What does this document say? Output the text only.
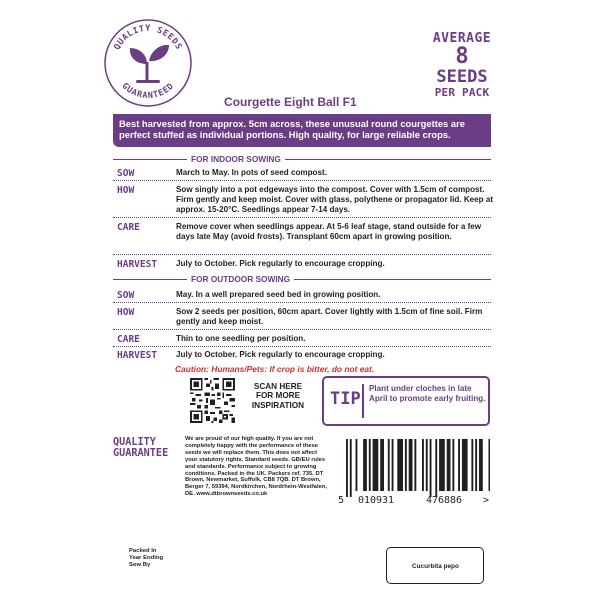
QUALITY SEEDS
GUARANTEED
AVERAGE
8
SEEDS
PER PACK
Courgette Eight Ball F1
Best harvested from approx. 5cm across, these unusual round courgettes are perfect stuffed as individual portions. High quality, for large reliable crops.
FOR INDOOR SOWING
SOW	March to May. In pots of seed compost.
HOW	Sow singly into a pot edgeways into the compost. Cover with 1.5cm of compost. Firm gently and keep moist. Cover with glass, polythene or propagator lid. Keep at approx. 15-20°C. Seedlings appear 7-14 days.
CARE	Remove cover when seedlings appear. At 5-6 leaf stage, stand outside for a few days late May (avoid frosts). Transplant 60cm apart in growing position.
HARVEST July to October. Pick regularly to encourage cropping.
FOR OUTDOOR SOWING
SOW	May. In a well prepared seed bed in growing position.
HOW	Sow 2 seeds per position, 60cm apart. Cover lightly with 1.5cm of fine soil. Firm gently and keep moist.
CARE	Thin to one seedling per position.
HARVEST July to October. Pick regularly to encourage cropping.
Caution: Humans/Pets: If crop is bitter, do not eat.
SCAN HERE
FOR MORE
INSPIRATION	TIP
Plant under cloches in late April to promote early fruiting.
QUALITY
GUARANTEE
We are proud of our high quality. If you are not completely happy with the performance of these seeds we will replace them. This does not affect your statutory rights. Standard seeds. GB/EU rules and standards. Performance subject to growing conditions. Packed in the UK. Packers ref. 735. DT Brown, Newmarket, Suffolk, CB8 7QB. DT Brown, Berger 7, 59394, Nordkirchen, Nordrhein-Westfalen, DE. www.dtbrownseeds.co.uk
5 010931	476886 >
Packed In
Year Ending
Sow By	Cucurbita pepo
